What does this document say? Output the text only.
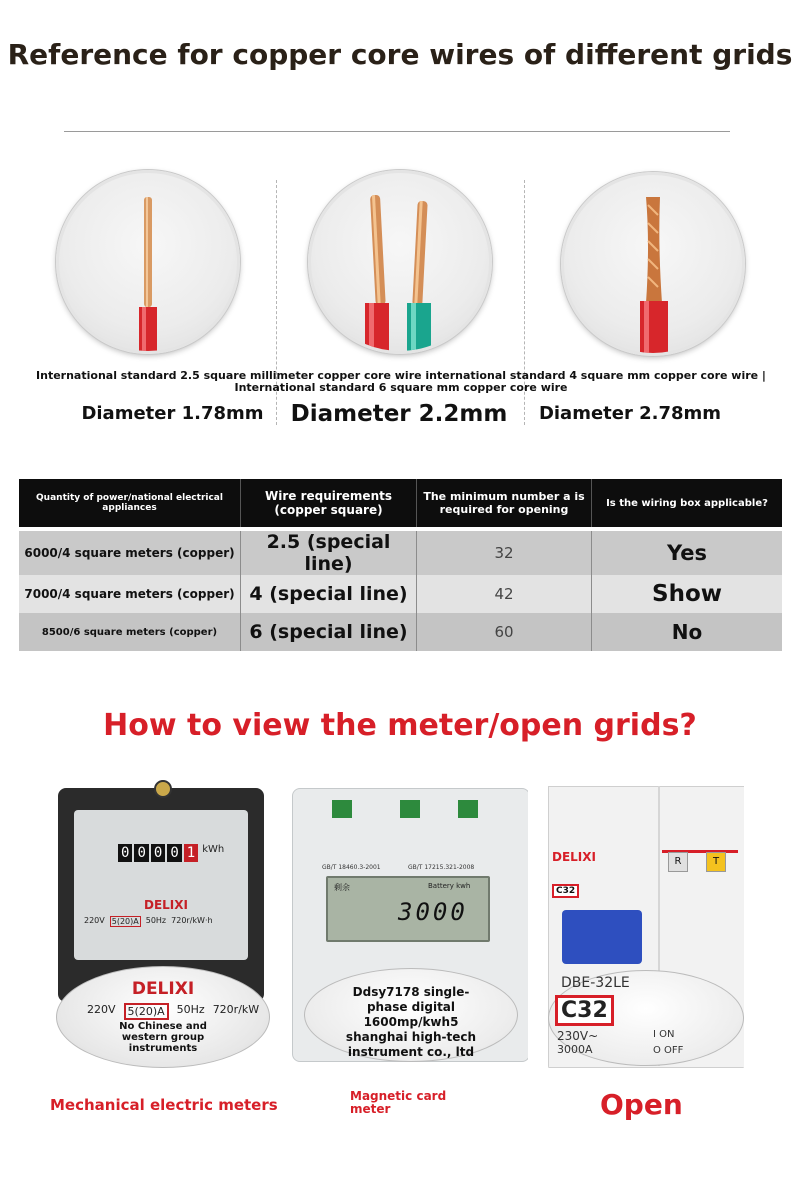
Reference for copper core wires of different grids
International standard 2.5 square millimeter copper core wire international standard 4 square mm copper core wire | International standard 6 square mm copper core wire
Diameter 1.78mm	Diameter 2.2mm	Diameter 2.78mm
Quantity of power/national electrical appliances	Wire requirements (copper square)	The minimum number a is required for opening	Is the wiring box applicable?
6000/4 square meters (copper)	2.5 (special line)	32	Yes
7000/4 square meters (copper)	4 (special line)	42	Show
8500/6 square meters (copper)	6 (special line)	60	No
How to view the meter/open grids?
0 0 0 0 1 kWh
DELIXI
220V 5(20)A 50Hz 720r/kW·h
DELIXI
220V	5(20)A	50Hz 720r/kW
No Chinese and western group instruments
GB/T 18460.3-2001	GB/T 17215.321-2008
剩余	Battery kwh
3000
Ddsy7178 single-phase digital 1600mp/kwh5 shanghai high-tech instrument co., ltd
DELIXI	R	T
C32
DBE-32LE
C32
230V~
3000A
I ON
O OFF
Mechanical electric meters	Magnetic card meter	Open
